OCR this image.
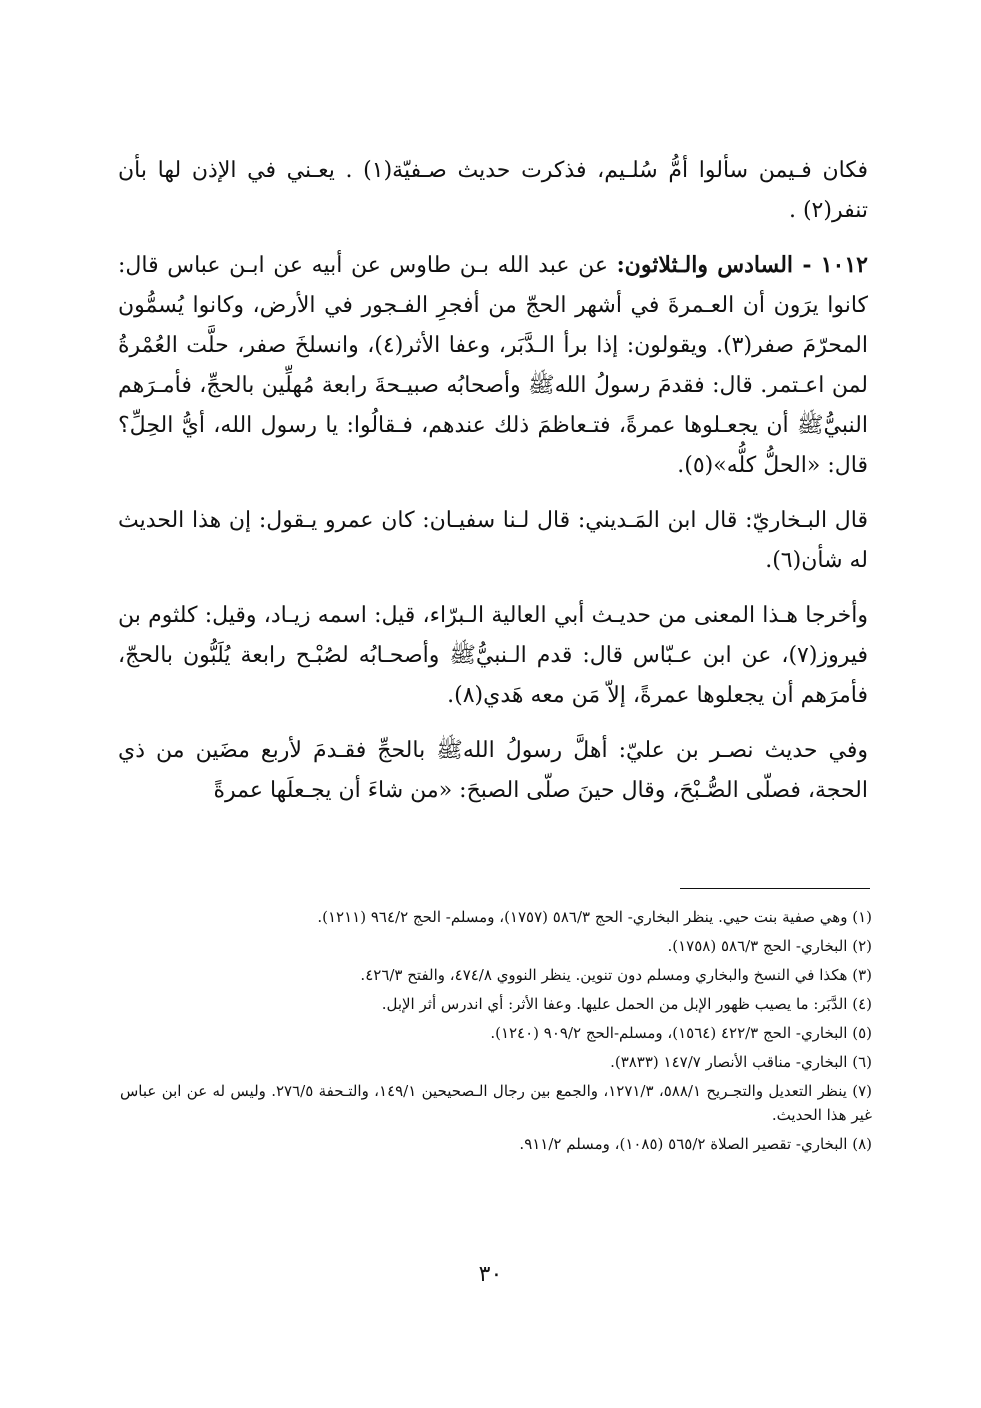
فكان فـيمن سألوا أمُّ سُلـيم، فذكرت حديث صـفيّة(١) . يعـني في الإذن لها بأن تنفر(٢) .

١٠١٢ - السادس والـثلاثون: عن عبد الله بـن طاوس عن أبيه عن ابـن عباس قال: كانوا يرَون أن العـمرةَ في أشهر الحجّ من أفجرِ الفـجور في الأرض، وكانوا يُسمُّون المحرّمَ صفر(٣). ويقولون: إذا برأ الـدَّبَر، وعفا الأثر(٤)، وانسلخَ صفر، حلَّت العُمْرةُ لمن اعـتمر. قال: فقدمَ رسولُ اللهﷺ وأصحابُه صبيـحةَ رابعة مُهلِّين بالحجِّ، فأمـرَهم النبيُّﷺ أن يجعـلوها عمرةً، فتـعاظمَ ذلك عندهم، فـقالُوا: يا رسول الله، أيُّ الحِلِّ؟ قال: «الحلُّ كلُّه»(٥).

قال البـخاريّ: قال ابن المَـديني: قال لـنا سفيـان: كان عمرو يـقول: إن هذا الحديث له شأن(٦).

وأخرجا هـذا المعنى من حديـث أبي العالية الـبرّاء، قيل: اسمه زيـاد، وقيل: كلثوم بن فيروز(٧)، عن ابن عـبّاس قال: قدم الـنبيُّﷺ وأصحـابُه لصُبْـح رابعة يُلَبُّون بالحجّ، فأمرَهم أن يجعلوها عمرةً، إلاّ مَن معه هَدي(٨).

وفي حديث نصـر بن عليّ: أهلَّ رسولُ اللهﷺ بالحجِّ فقـدمَ لأربع مضَين من ذي الحجة، فصلّى الصُّـبْحَ، وقال حينَ صلّى الصبحَ: «من شاءَ أن يجـعلَها عمرةً

(١) وهي صفية بنت حيي. ينظر البخاري- الحج ٥٨٦/٣ (١٧٥٧)، ومسلم- الحج ٩٦٤/٢ (١٢١١).

(٢) البخاري- الحج ٥٨٦/٣ (١٧٥٨).

(٣) هكذا في النسخ والبخاري ومسلم دون تنوين. ينظر النووي ٤٧٤/٨، والفتح ٤٢٦/٣.

(٤) الدَّبَر: ما يصيب ظهور الإبل من الحمل عليها. وعفا الأثر: أي اندرس أثر الإبل.

(٥) البخاري- الحج ٤٢٢/٣ (١٥٦٤)، ومسلم-الحج ٩٠٩/٢ (١٢٤٠).

(٦) البخاري- مناقب الأنصار ١٤٧/٧ (٣٨٣٣).

(٧) ينظر التعديل والتجـريح ٥٨٨/١، ١٢٧١/٣، والجمع بين رجال الـصحيحين ١٤٩/١، والتـحفة ٢٧٦/٥. وليس له عن ابن عباس غير هذا الحديث.

(٨) البخاري- تقصير الصلاة ٥٦٥/٢ (١٠٨٥)، ومسلم ٩١١/٢.

٣٠
